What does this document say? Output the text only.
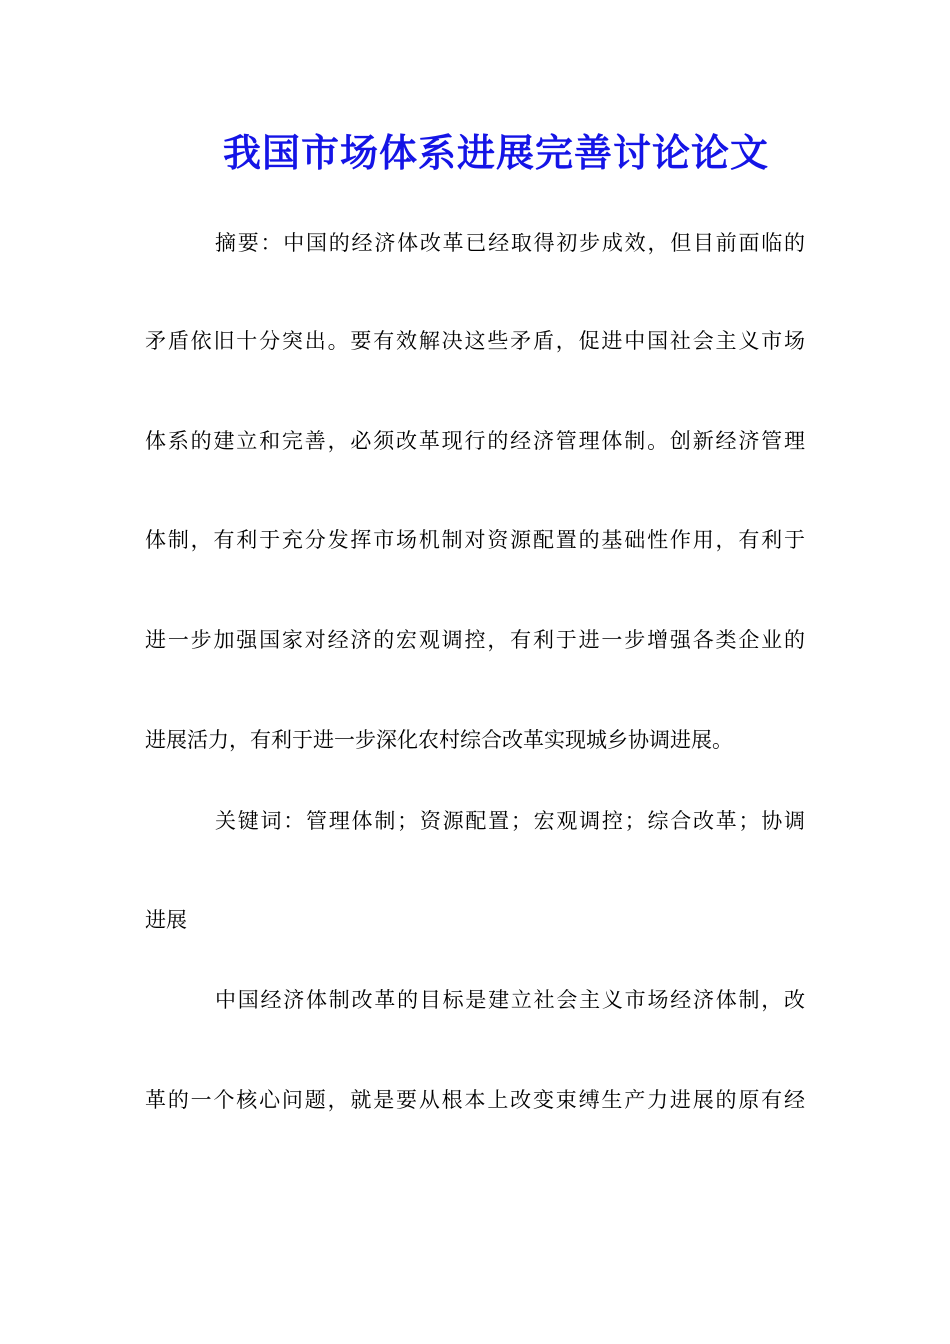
我国市场体系进展完善讨论论文
摘要：中国的经济体改革已经取得初步成效，但目前面临的
矛盾依旧十分突出。要有效解决这些矛盾，促进中国社会主义市场
体系的建立和完善，必须改革现行的经济管理体制。创新经济管理
体制，有利于充分发挥市场机制对资源配置的基础性作用，有利于
进一步加强国家对经济的宏观调控，有利于进一步增强各类企业的
进展活力，有利于进一步深化农村综合改革实现城乡协调进展。
关键词：管理体制；资源配置；宏观调控；综合改革；协调
进展
中国经济体制改革的目标是建立社会主义市场经济体制，改
革的一个核心问题，就是要从根本上改变束缚生产力进展的原有经
